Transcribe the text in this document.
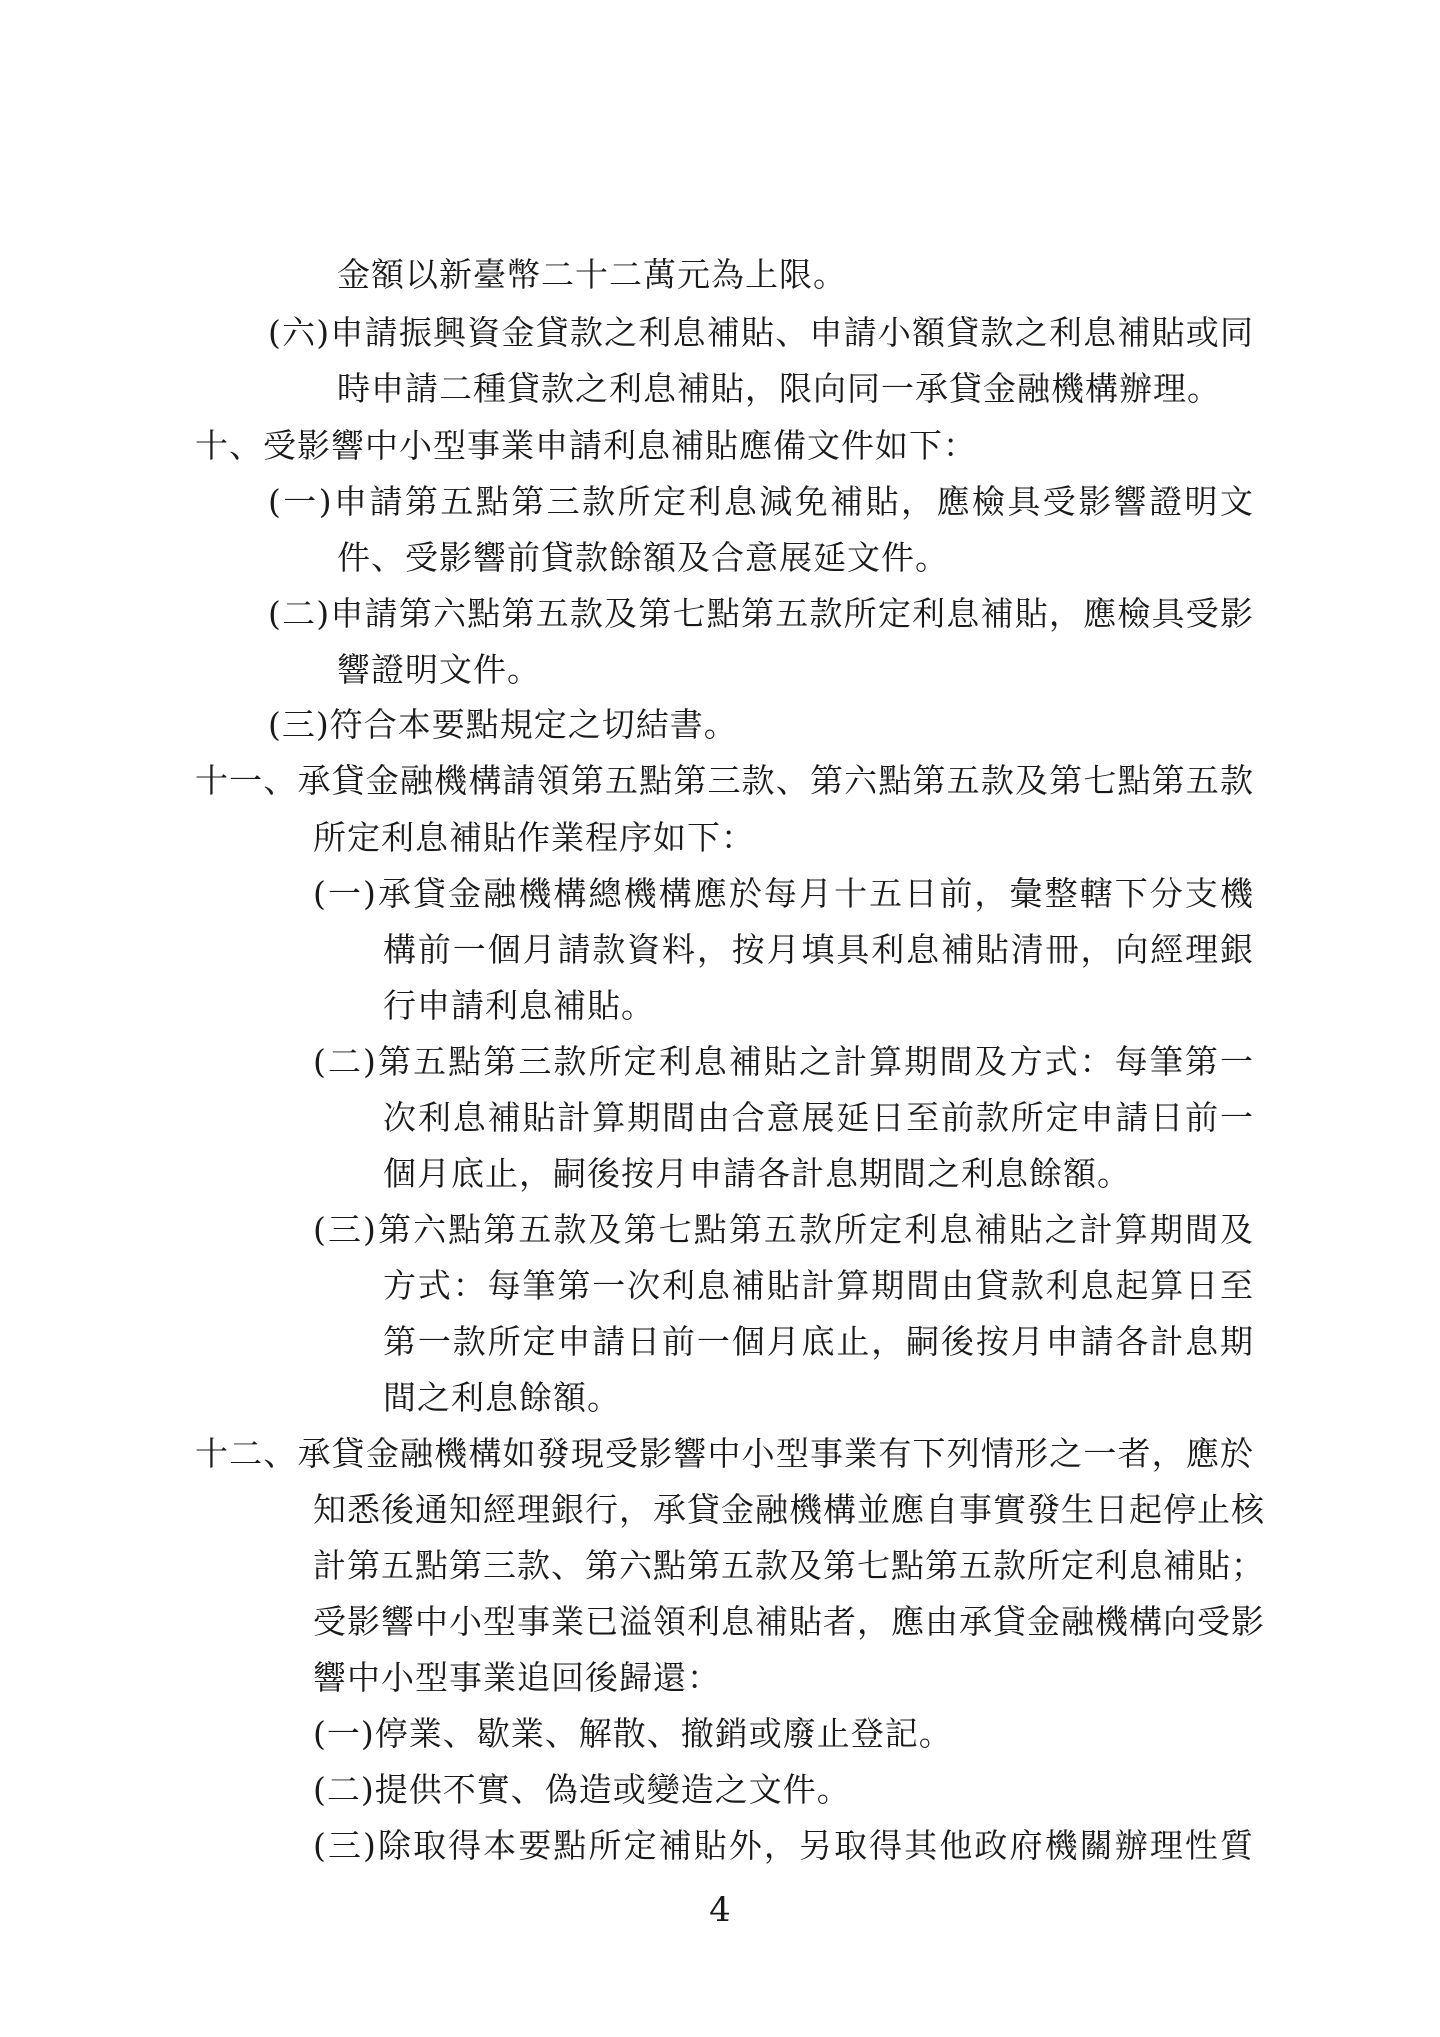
金額以新臺幣二十二萬元為上限。
(六)申請振興資金貸款之利息補貼、申請小額貸款之利息補貼或同
時申請二種貸款之利息補貼，限向同一承貸金融機構辦理。
十、受影響中小型事業申請利息補貼應備文件如下：
(一)申請第五點第三款所定利息減免補貼，應檢具受影響證明文
件、受影響前貸款餘額及合意展延文件。
(二)申請第六點第五款及第七點第五款所定利息補貼，應檢具受影
響證明文件。
(三)符合本要點規定之切結書。
十一、承貸金融機構請領第五點第三款、第六點第五款及第七點第五款
所定利息補貼作業程序如下：
(一)承貸金融機構總機構應於每月十五日前，彙整轄下分支機
構前一個月請款資料，按月填具利息補貼清冊，向經理銀
行申請利息補貼。
(二)第五點第三款所定利息補貼之計算期間及方式：每筆第一
次利息補貼計算期間由合意展延日至前款所定申請日前一
個月底止，嗣後按月申請各計息期間之利息餘額。
(三)第六點第五款及第七點第五款所定利息補貼之計算期間及
方式：每筆第一次利息補貼計算期間由貸款利息起算日至
第一款所定申請日前一個月底止，嗣後按月申請各計息期
間之利息餘額。
十二、承貸金融機構如發現受影響中小型事業有下列情形之一者，應於
知悉後通知經理銀行，承貸金融機構並應自事實發生日起停止核
計第五點第三款、第六點第五款及第七點第五款所定利息補貼；
受影響中小型事業已溢領利息補貼者，應由承貸金融機構向受影
響中小型事業追回後歸還：
(一)停業、歇業、解散、撤銷或廢止登記。
(二)提供不實、偽造或變造之文件。
(三)除取得本要點所定補貼外，另取得其他政府機關辦理性質
4
